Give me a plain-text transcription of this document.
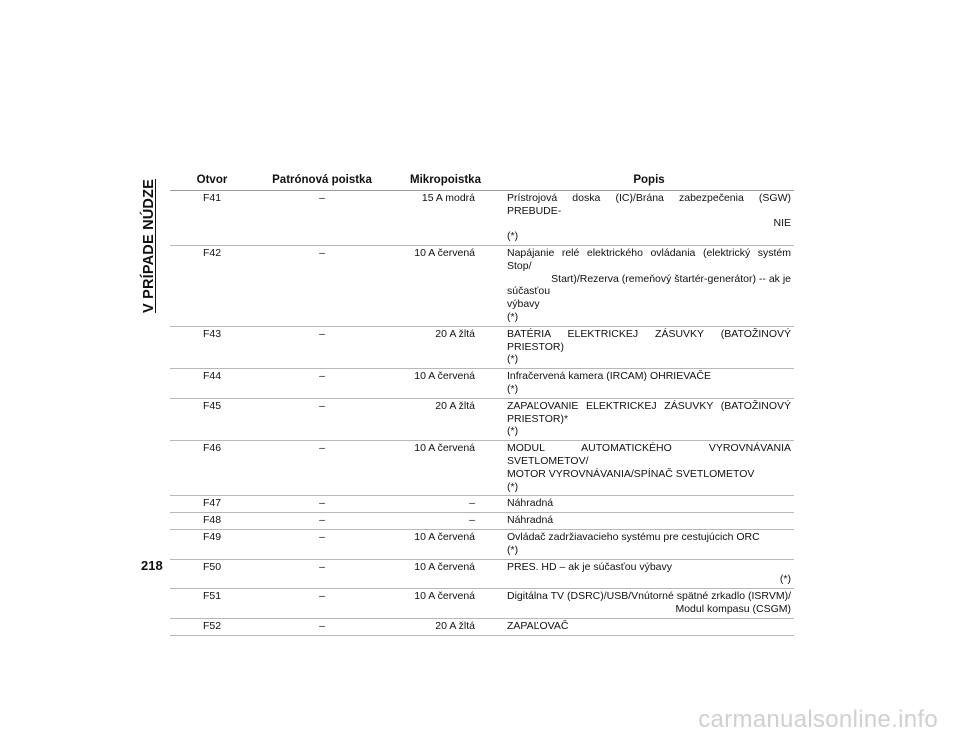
V PRÍPADE NÚDZE	Otvor	Patrónová poistka	Mikropoistka	Popis
F41	–	15 A modrá	Prístrojová doska (IC)/Brána zabezpečenia (SGW) PREBUDE-
NIE
(*)

F42	–	10 A červená	Napájanie relé elektrického ovládania (elektrický systém Stop/
Start)/Rezerva (remeňový štartér-generátor) -- ak je súčasťou
výbavy
(*)

F43	–	20 A žltá	BATÉRIA ELEKTRICKEJ ZÁSUVKY (BATOŽINOVÝ PRIESTOR)
(*)

F44	–	10 A červená	Infračervená kamera (IRCAM) OHRIEVAČE
(*)

F45	–	20 A žltá	ZAPAĽOVANIE ELEKTRICKEJ ZÁSUVKY (BATOŽINOVÝ
PRIESTOR)*
(*)

F46	–	10 A červená	MODUL AUTOMATICKÉHO VYROVNÁVANIA SVETLOMETOV/
MOTOR VYROVNÁVANIA/SPÍNAČ SVETLOMETOV
(*)

F47	–	–	Náhradná

F48	–	–	Náhradná

F49	–	10 A červená	Ovládač zadržiavacieho systému pre cestujúcich ORC
(*)

F50	–	10 A červená	PRES. HD – ak je súčasťou výbavy
(*)

F51	–	10 A červená	Digitálna TV (DSRC)/USB/Vnútorné spätné zrkadlo (ISRVM)/
Modul kompasu (CSGM)

F52	–	20 A žltá	ZAPAĽOVAČ
218
carmanualsonline.info
